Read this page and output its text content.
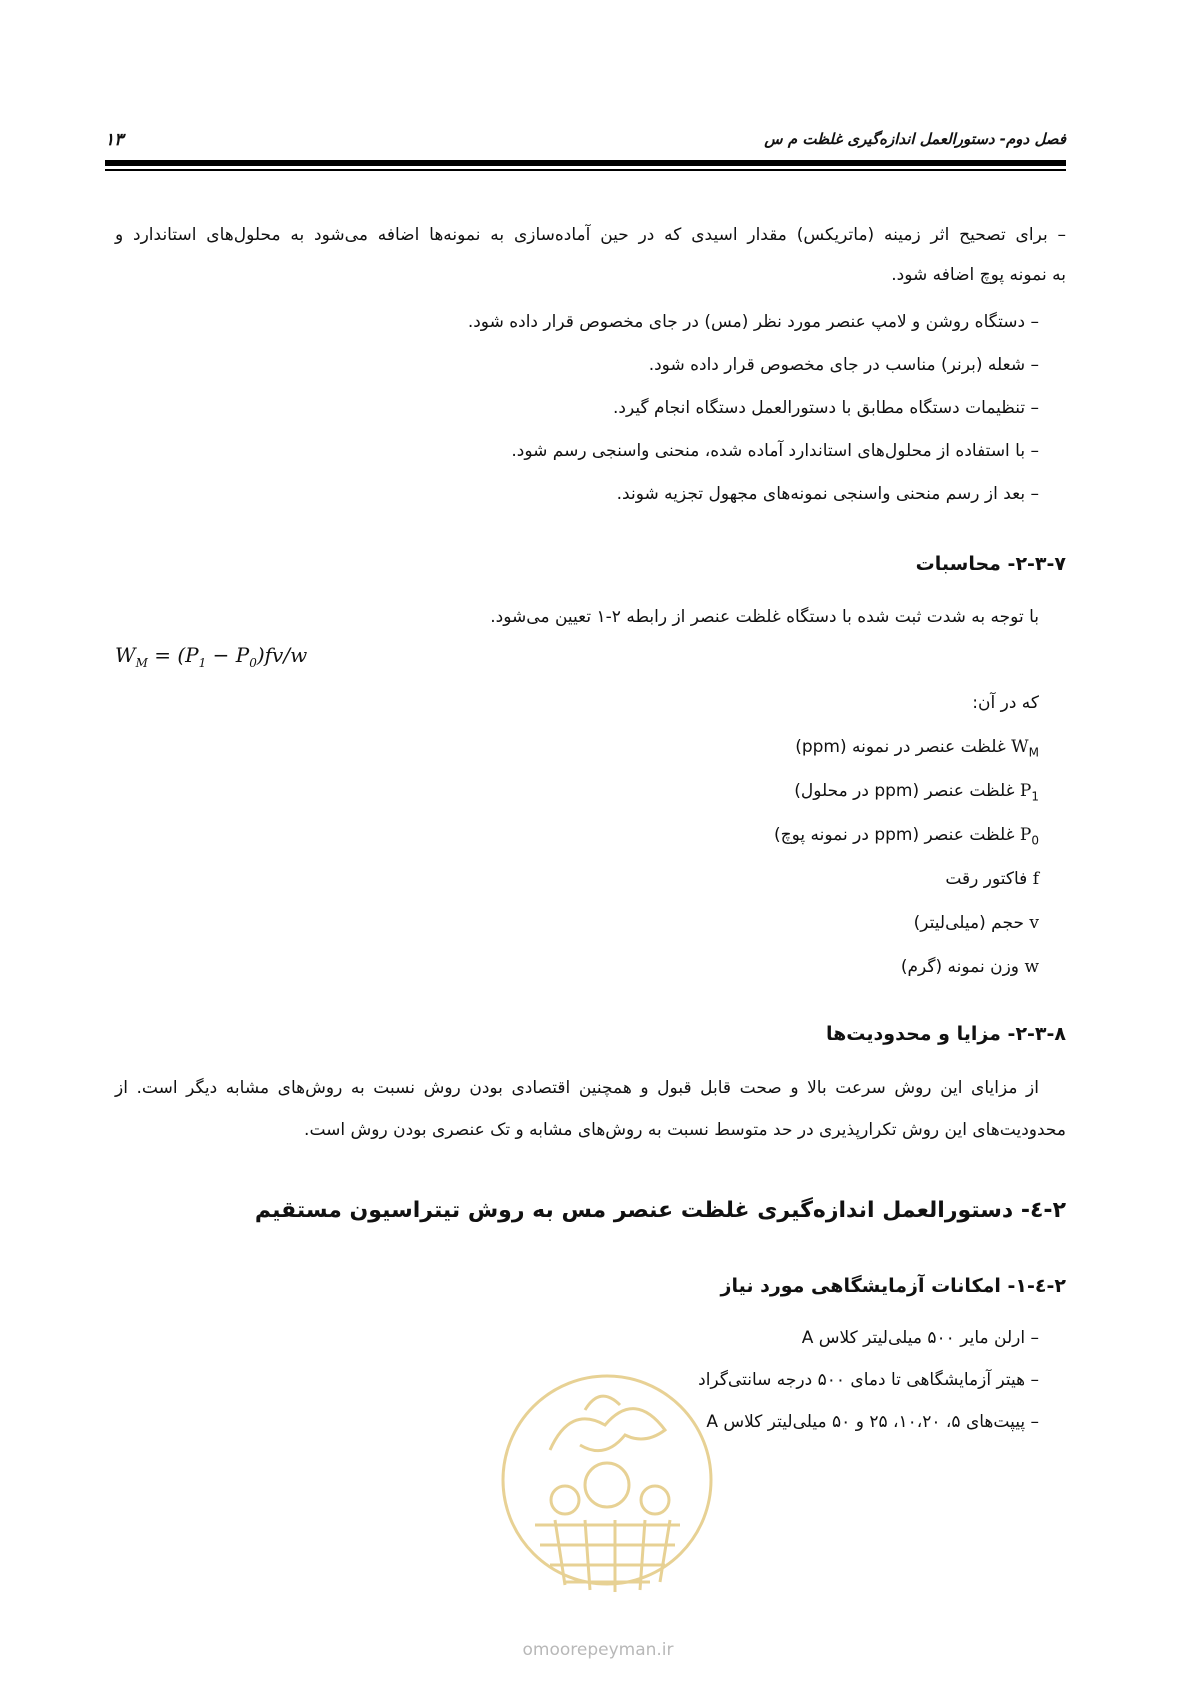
فصل دوم- دستورالعمل اندازه‌گیری غلظت م س
۱۳
– برای تصحیح اثر زمینه (ماتریکس) مقدار اسیدی که در حین آماده‌سازی به نمونه‌ها اضافه می‌شود به محلول‌های استاندارد و
به نمونه پوچ اضافه شود.
– دستگاه روشن و لامپ عنصر مورد نظر (مس) در جای مخصوص قرار داده شود.
– شعله (برنر) مناسب در جای مخصوص قرار داده شود.
– تنظیمات دستگاه مطابق با دستورالعمل دستگاه انجام گیرد.
– با استفاده از محلول‌های استاندارد آماده شده، منحنی واسنجی رسم شود.
– بعد از رسم منحنی واسنجی نمونه‌های مجهول تجزیه شوند.
۲-۳-۷- محاسبات
با توجه به شدت ثبت شده با دستگاه غلظت عنصر از رابطه ۲-۱ تعیین می‌شود.
$W_M = (P_1 - P_0)fv/w$
که در آن:
$W_M$ غلظت عنصر در نمونه (ppm)
$P_1$ غلظت عنصر (ppm در محلول)
$P_0$ غلظت عنصر (ppm در نمونه پوچ)
f فاکتور رقت
v حجم (میلی‌لیتر)
w وزن نمونه (گرم)
۲-۳-۸- مزایا و محدودیت‌ها
از مزایای این روش سرعت بالا و صحت قابل قبول و همچنین اقتصادی بودن روش نسبت به روش‌های مشابه دیگر است. از
محدودیت‌های این روش تکرارپذیری در حد متوسط نسبت به روش‌های مشابه و تک عنصری بودن روش است.
۲-٤- دستورالعمل اندازه‌گیری غلظت عنصر مس به روش تیتراسیون مستقیم
۲-٤-۱- امکانات آزمایشگاهی مورد نیاز
– ارلن مایر ۵۰۰ میلی‌لیتر کلاس A
– هیتر آزمایشگاهی تا دمای ۵۰۰ درجه سانتی‌گراد
– پیپت‌های ۵، ۱۰،۲۰، ۲۵ و ۵۰ میلی‌لیتر کلاس A
omoorepeyman.ir
